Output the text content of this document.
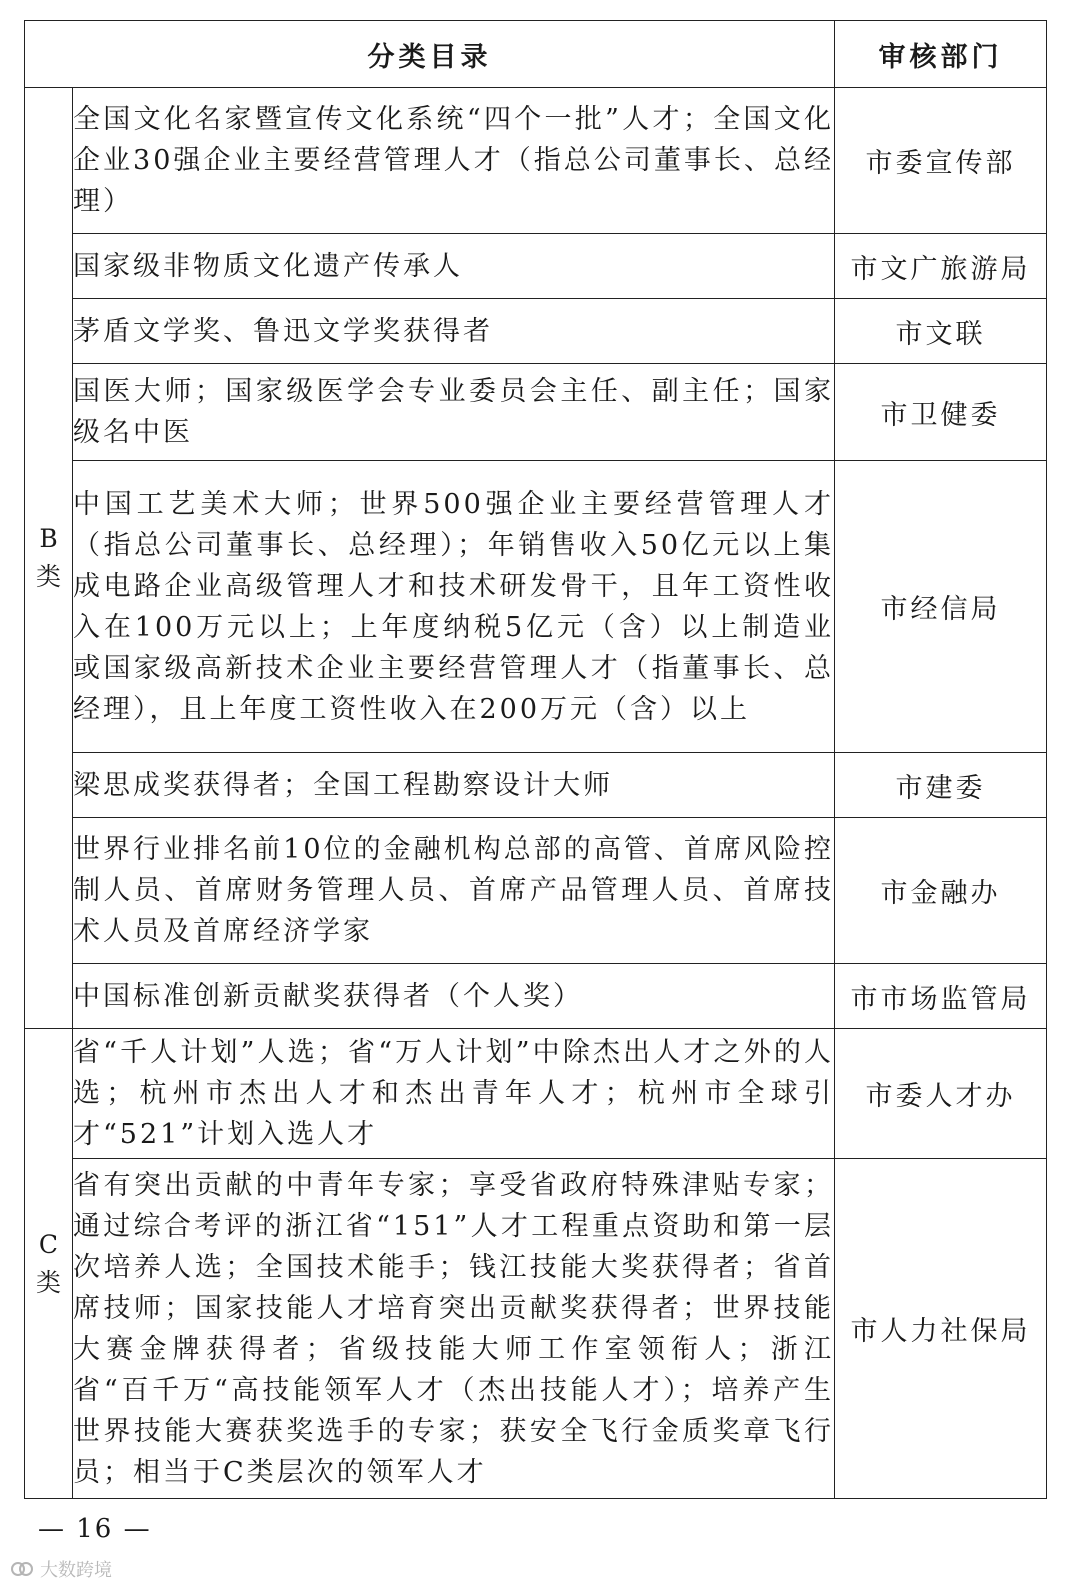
分类目录		审核部门

B
类	全国文化名家暨宣传文化系统“四个一批”人才；全国文化企业30强企业主要经营管理人才（指总公司董事长、总经理）	市委宣传部
	国家级非物质文化遗产传承人	市文广旅游局
	茅盾文学奖、鲁迅文学奖获得者	市文联
	国医大师；国家级医学会专业委员会主任、副主任；国家级名中医	市卫健委
	中国工艺美术大师；世界500强企业主要经营管理人才（指总公司董事长、总经理）；年销售收入50亿元以上集成电路企业高级管理人才和技术研发骨干，且年工资性收入在100万元以上；上年度纳税5亿元（含）以上制造业或国家级高新技术企业主要经营管理人才（指董事长、总经理），且上年度工资性收入在200万元（含）以上	市经信局
	梁思成奖获得者；全国工程勘察设计大师	市建委
	世界行业排名前10位的金融机构总部的高管、首席风险控制人员、首席财务管理人员、首席产品管理人员、首席技术人员及首席经济学家	市金融办
	中国标准创新贡献奖获得者（个人奖）	市市场监管局

C
类	省“千人计划”人选；省“万人计划”中除杰出人才之外的人选；杭州市杰出人才和杰出青年人才；杭州市全球引才“521”计划入选人才	市委人才办
	省有突出贡献的中青年专家；享受省政府特殊津贴专家；通过综合考评的浙江省“151”人才工程重点资助和第一层次培养人选；全国技术能手；钱江技能大奖获得者；省首席技师；国家技能人才培育突出贡献奖获得者；世界技能大赛金牌获得者；省级技能大师工作室领衔人；浙江省“百千万“高技能领军人才（杰出技能人才）；培养产生世界技能大赛获奖选手的专家；获安全飞行金质奖章飞行员；相当于C类层次的领军人才	市人力社保局
— 16 —
大数跨境
